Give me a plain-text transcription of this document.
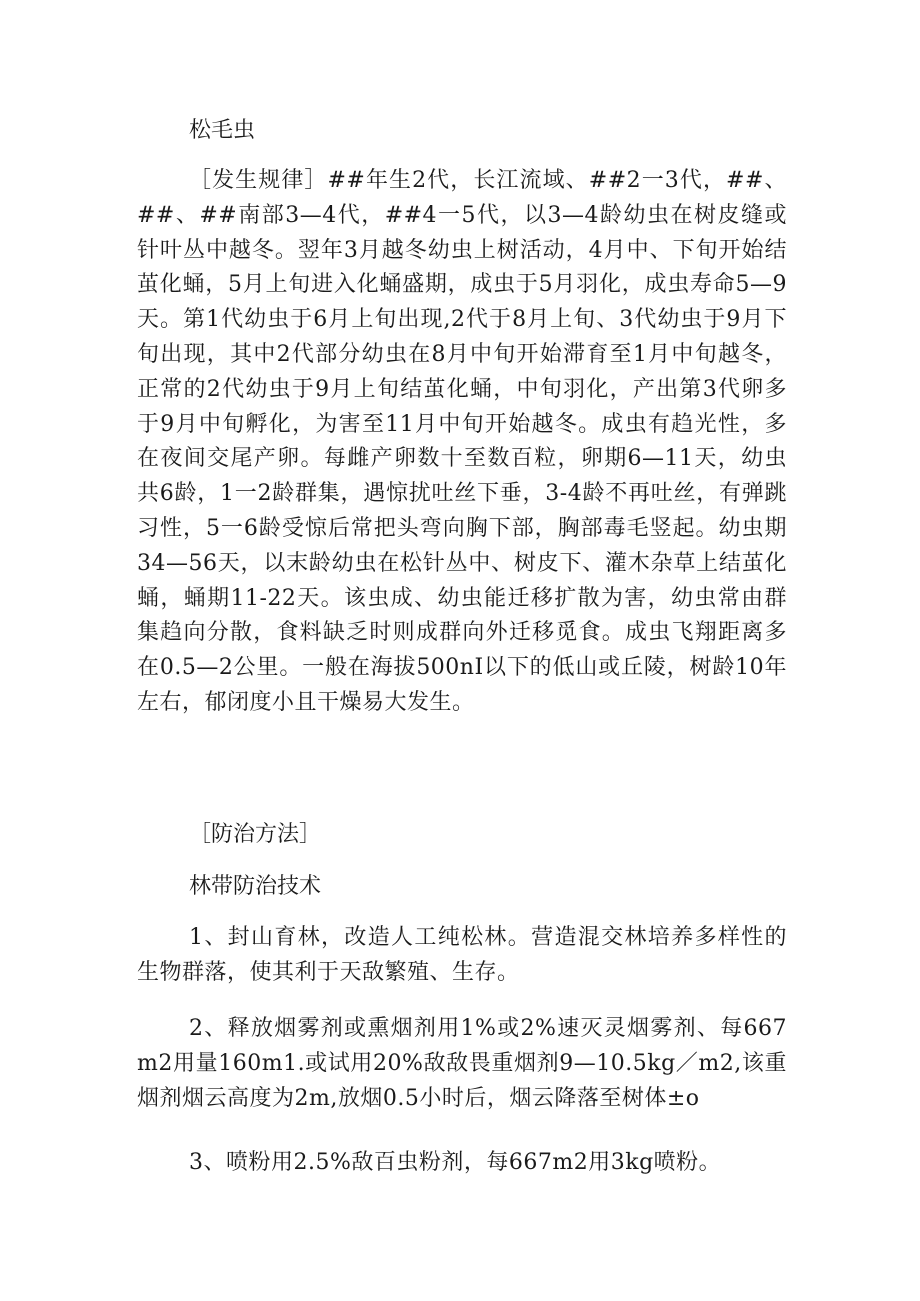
松毛虫

［发生规律］##年生2代，长江流域、##2一3代，##、##、##南部3—4代，##4一5代，以3—4龄幼虫在树皮缝或针叶丛中越冬。翌年3月越冬幼虫上树活动，4月中、下旬开始结茧化蛹，5月上旬进入化蛹盛期，成虫于5月羽化，成虫寿命5—9天。第1代幼虫于6月上旬出现,2代于8月上旬、3代幼虫于9月下旬出现，其中2代部分幼虫在8月中旬开始滞育至1月中旬越冬，正常的2代幼虫于9月上旬结茧化蛹，中旬羽化，产出第3代卵多于9月中旬孵化，为害至11月中旬开始越冬。成虫有趋光性，多在夜间交尾产卵。每雌产卵数十至数百粒，卵期6—11天，幼虫共6龄，1一2龄群集，遇惊扰吐丝下垂，3-4龄不再吐丝，有弹跳习性，5一6龄受惊后常把头弯向胸下部，胸部毒毛竖起。幼虫期34—56天，以末龄幼虫在松针丛中、树皮下、灌木杂草上结茧化蛹，蛹期11-22天。该虫成、幼虫能迁移扩散为害，幼虫常由群集趋向分散，食料缺乏时则成群向外迁移觅食。成虫飞翔距离多在0.5—2公里。一般在海拔500nI以下的低山或丘陵，树龄10年左右，郁闭度小且干燥易大发生。

［防治方法］

林带防治技术

1、封山育林，改造人工纯松林。营造混交林培养多样性的生物群落，使其利于天敌繁殖、生存。

2、释放烟雾剂或熏烟剂用1%或2%速灭灵烟雾剂、每667m2用量160m1.或试用20%敌敌畏重烟剂9—10.5kg／m2,该重烟剂烟云高度为2m,放烟0.5小时后，烟云降落至树体±o

3、喷粉用2.5%敌百虫粉剂，每667m2用3kg喷粉。
